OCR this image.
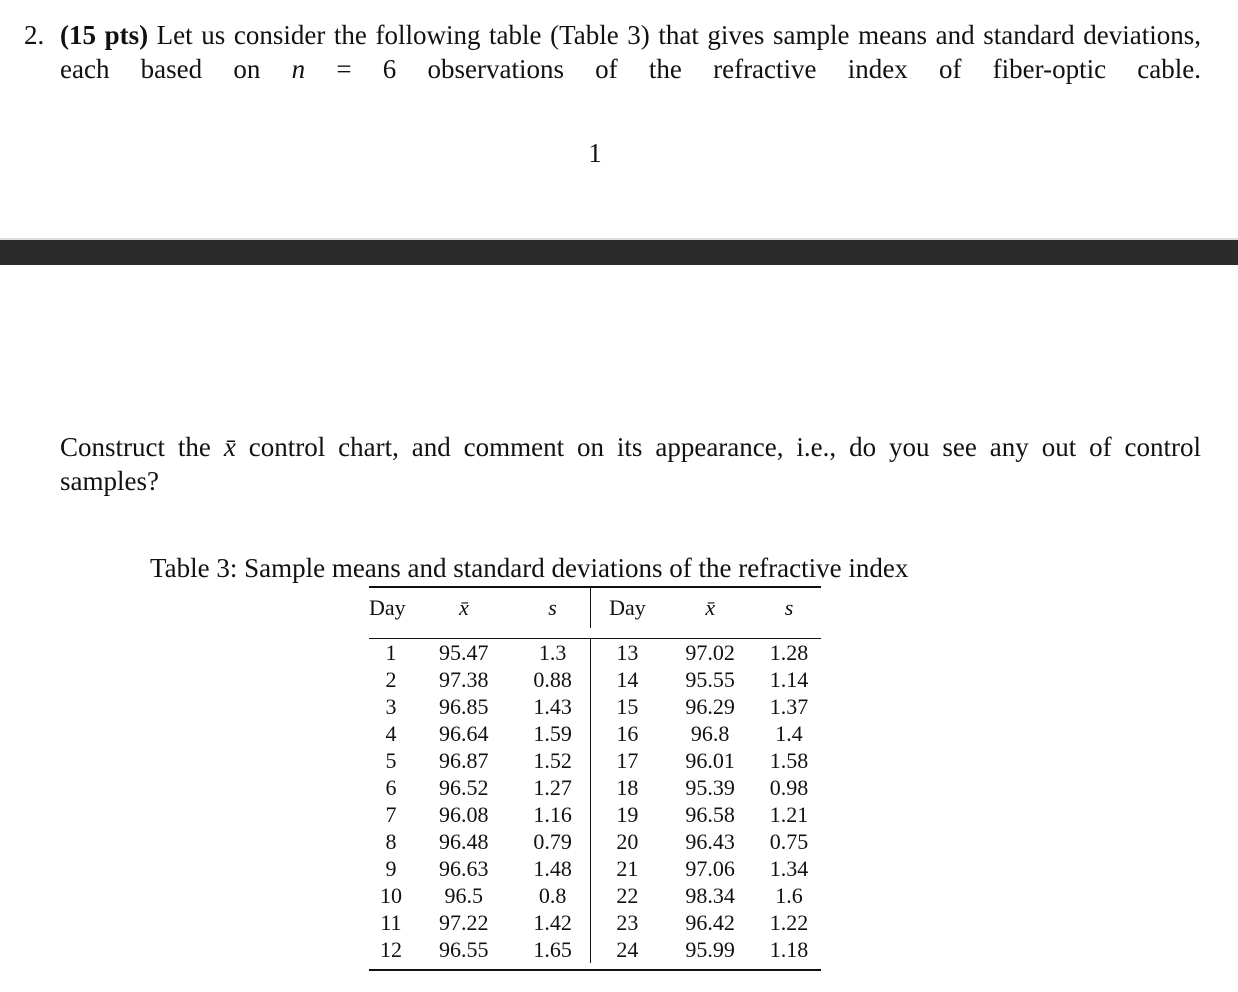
2. (15 pts) Let us consider the following table (Table 3) that gives sample means and standard deviations, each based on n = 6 observations of the refractive index of fiber-optic cable.
1
Construct the x̄ control chart, and comment on its appearance, i.e., do you see any out of control samples?
Table 3: Sample means and standard deviations of the refractive index
Day	x̄	s	Day	x̄	s
1	95.47	1.3	13	97.02	1.28
2	97.38	0.88	14	95.55	1.14
3	96.85	1.43	15	96.29	1.37
4	96.64	1.59	16	96.8	1.4
5	96.87	1.52	17	96.01	1.58
6	96.52	1.27	18	95.39	0.98
7	96.08	1.16	19	96.58	1.21
8	96.48	0.79	20	96.43	0.75
9	96.63	1.48	21	97.06	1.34
10	96.5	0.8	22	98.34	1.6
11	97.22	1.42	23	96.42	1.22
12	96.55	1.65	24	95.99	1.18
